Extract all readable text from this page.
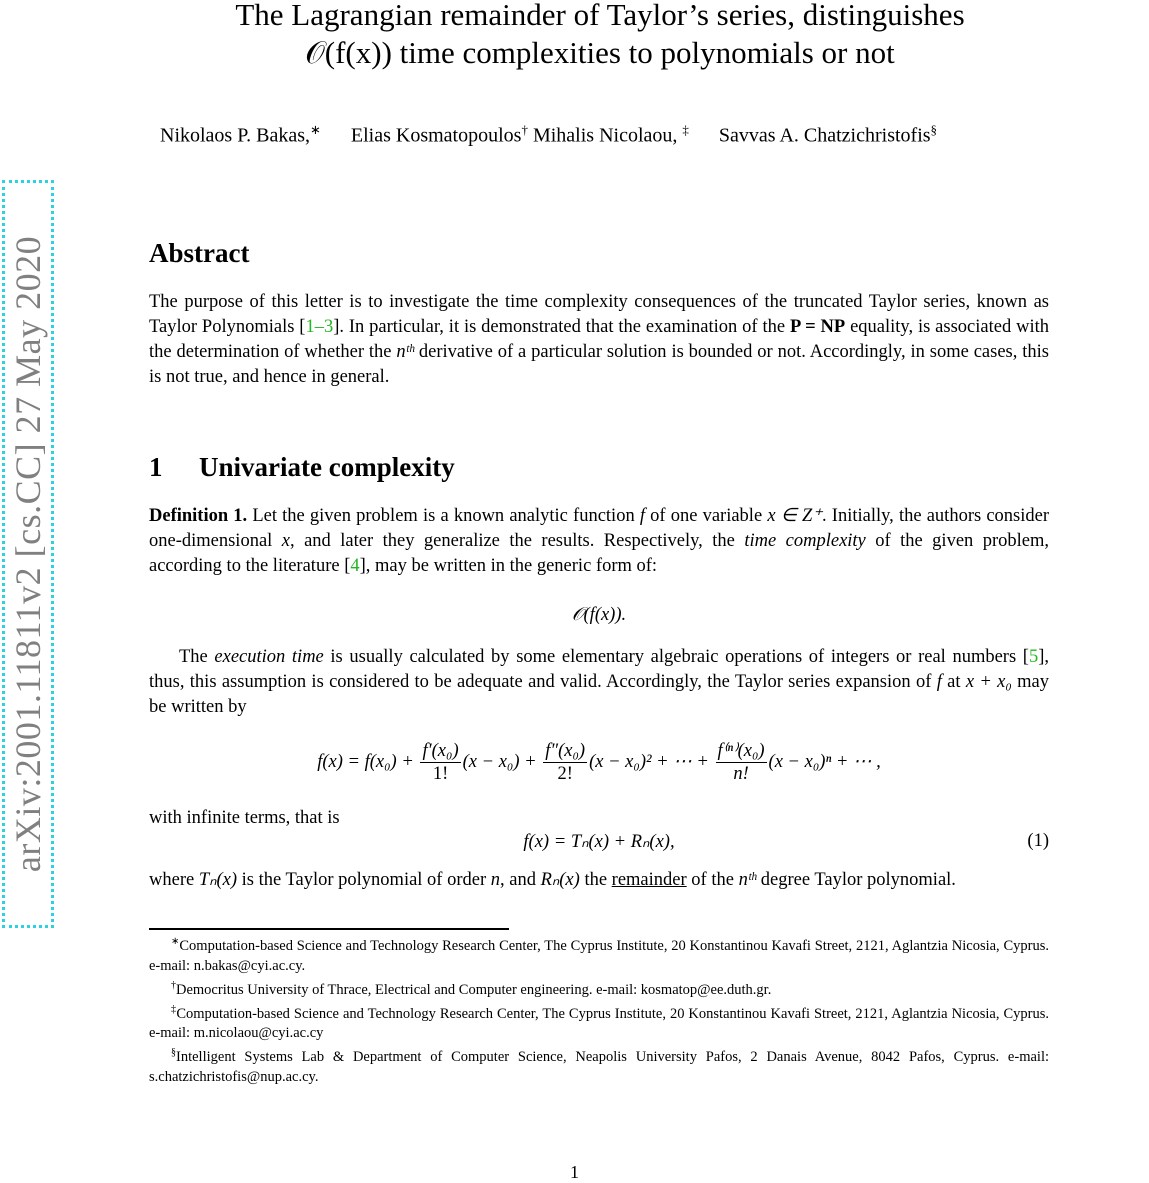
arXiv:2001.11811v2 [cs.CC] 27 May 2020
The Lagrangian remainder of Taylor’s series, distinguishes
𝒪(f(x)) time complexities to polynomials or not
Nikolaos P. Bakas,∗ Elias Kosmatopoulos† Mihalis Nicolaou, ‡ Savvas A. Chatzichristofis§
Abstract
The purpose of this letter is to investigate the time complexity consequences of the truncated Taylor series, known as Taylor Polynomials [1–3]. In particular, it is demonstrated that the examination of the P = NP equality, is associated with the determination of whether the nᵗʰ derivative of a particular solution is bounded or not. Accordingly, in some cases, this is not true, and hence in general.
1 Univariate complexity
Definition 1. Let the given problem is a known analytic function f of one variable x ∈ Z⁺. Initially, the authors consider one-dimensional x, and later they generalize the results. Respectively, the time complexity of the given problem, according to the literature [4], may be written in the generic form of:
𝒪(f(x)).
The execution time is usually calculated by some elementary algebraic operations of integers or real numbers [5], thus, this assumption is considered to be adequate and valid. Accordingly, the Taylor series expansion of f at x + x₀ may be written by
$f(x) = f(x_0) + \frac{\text{f′(x₀)}}{1!} (x - x_0) + \frac{\text{f″(x₀)}}{2!} (x - x_0)^2$ + ⋯ + $\frac{\text{f⁽ⁿ⁾(x₀)}}{n!} (x - x_0)^n$ + ⋯ ,
with infinite terms, that is
f(x) = Tₙ(x) + Rₙ(x),	(1)
where Tₙ(x) is the Taylor polynomial of order n, and Rₙ(x) the remainder of the nᵗʰ degree Taylor polynomial.

∗Computation-based Science and Technology Research Center, The Cyprus Institute, 20 Konstantinou Kavafi Street, 2121, Aglantzia Nicosia, Cyprus. e-mail: n.bakas@cyi.ac.cy.

†Democritus University of Thrace, Electrical and Computer engineering. e-mail: kosmatop@ee.duth.gr.

‡Computation-based Science and Technology Research Center, The Cyprus Institute, 20 Konstantinou Kavafi Street, 2121, Aglantzia Nicosia, Cyprus. e-mail: m.nicolaou@cyi.ac.cy

§Intelligent Systems Lab & Department of Computer Science, Neapolis University Pafos, 2 Danais Avenue, 8042 Pafos, Cyprus. e-mail: s.chatzichristofis@nup.ac.cy.

1
